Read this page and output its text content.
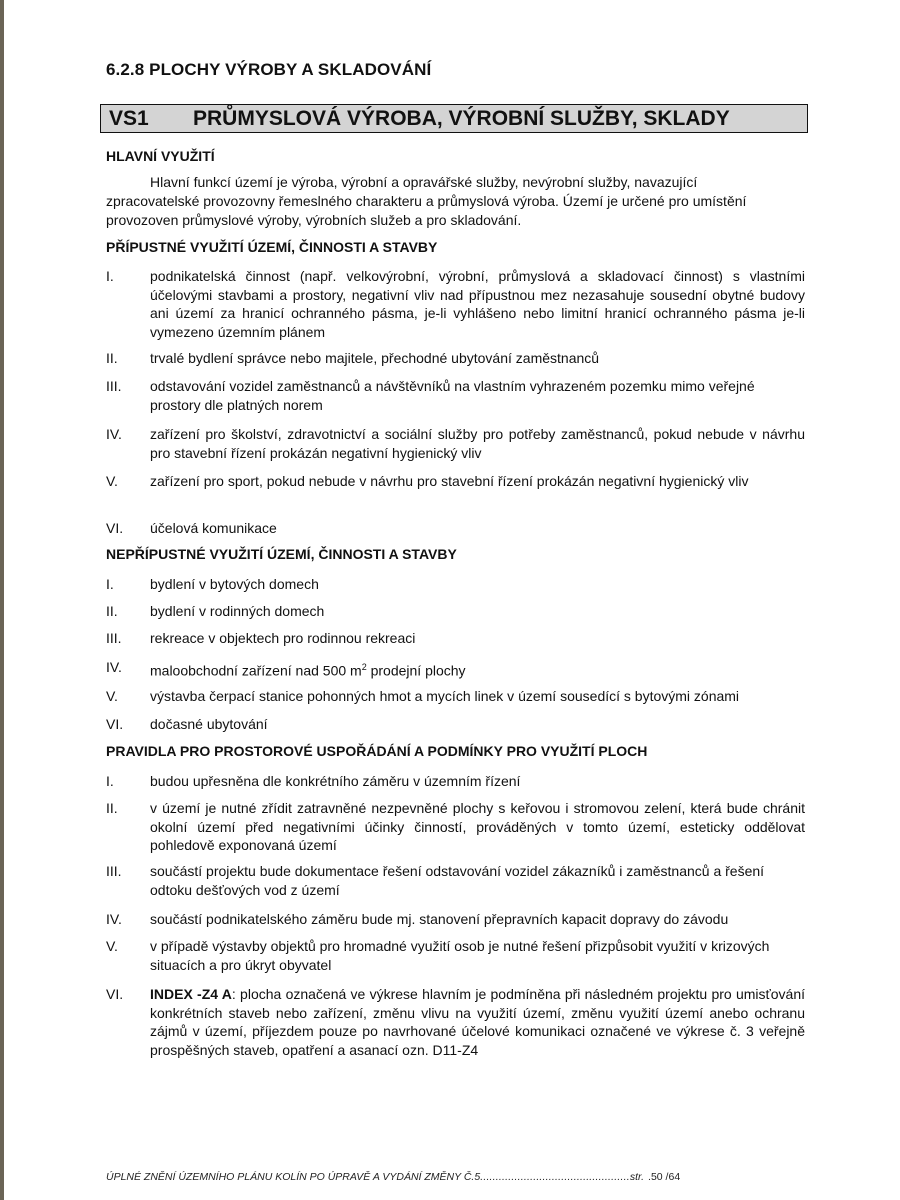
6.2.8 PLOCHY VÝROBY A SKLADOVÁNÍ
VS1 PRŮMYSLOVÁ VÝROBA, VÝROBNÍ SLUŽBY, SKLADY
HLAVNÍ VYUŽITÍ
Hlavní funkcí území je výroba, výrobní a opravářské služby, nevýrobní služby, navazující zpracovatelské provozovny řemeslného charakteru a průmyslová výroba. Území je určené pro umístění provozoven průmyslové výroby, výrobních služeb a pro skladování.
PŘÍPUSTNÉ VYUŽITÍ ÚZEMÍ, ČINNOSTI A STAVBY
I.	podnikatelská činnost (např. velkovýrobní, výrobní, průmyslová a skladovací činnost) s vlastními účelovými stavbami a prostory, negativní vliv nad přípustnou mez nezasahuje sousední obytné budovy ani území za hranicí ochranného pásma, je-li vyhlášeno nebo limitní hranicí ochranného pásma je-li vymezeno územním plánem
II.	trvalé bydlení správce nebo majitele, přechodné ubytování zaměstnanců
III.	odstavování vozidel zaměstnanců a návštěvníků na vlastním vyhrazeném pozemku mimo veřejné prostory dle platných norem
IV.	zařízení pro školství, zdravotnictví a sociální služby pro potřeby zaměstnanců, pokud nebude v návrhu pro stavební řízení prokázán negativní hygienický vliv
V.	zařízení pro sport, pokud nebude v návrhu pro stavební řízení prokázán negativní hygienický vliv
VI.	účelová komunikace
NEPŘÍPUSTNÉ VYUŽITÍ ÚZEMÍ, ČINNOSTI A STAVBY
I.	bydlení v bytových domech
II.	bydlení v rodinných domech
III.	rekreace v objektech pro rodinnou rekreaci
IV.	maloobchodní zařízení nad 500 $m^2$ prodejní plochy
V.	výstavba čerpací stanice pohonných hmot a mycích linek v území sousedící s bytovými zónami
VI.	dočasné ubytování
PRAVIDLA PRO PROSTOROVÉ USPOŘÁDÁNÍ A PODMÍNKY PRO VYUŽITÍ PLOCH
I.	budou upřesněna dle konkrétního záměru v územním řízení
II.	v území je nutné zřídit zatravněné nezpevněné plochy s keřovou i stromovou zelení, která bude chránit okolní území před negativními účinky činností, prováděných v tomto území, esteticky oddělovat pohledově exponovaná území
III.	součástí projektu bude dokumentace řešení odstavování vozidel zákazníků i zaměstnanců a řešení odtoku dešťových vod z území
IV.	součástí podnikatelského záměru bude mj. stanovení přepravních kapacit dopravy do závodu
V.	v případě výstavby objektů pro hromadné využití osob je nutné řešení přizpůsobit využití v krizových situacích a pro úkryt obyvatel
VI.	INDEX -Z4 A: plocha označená ve výkrese hlavním je podmíněna při následném projektu pro umisťování konkrétních staveb nebo zařízení, změnu vlivu na využití území, změnu využití území anebo ochranu zájmů v území, příjezdem pouze po navrhované účelové komunikaci označené ve výkrese č. 3 veřejně prospěšných staveb, opatření a asanací ozn. D11-Z4
ÚPLNÉ ZNĚNÍ ÚZEMNÍHO PLÁNU KOLÍN PO ÚPRAVĚ A VYDÁNÍ ZMĚNY Č.5................................................str. .50 /64
